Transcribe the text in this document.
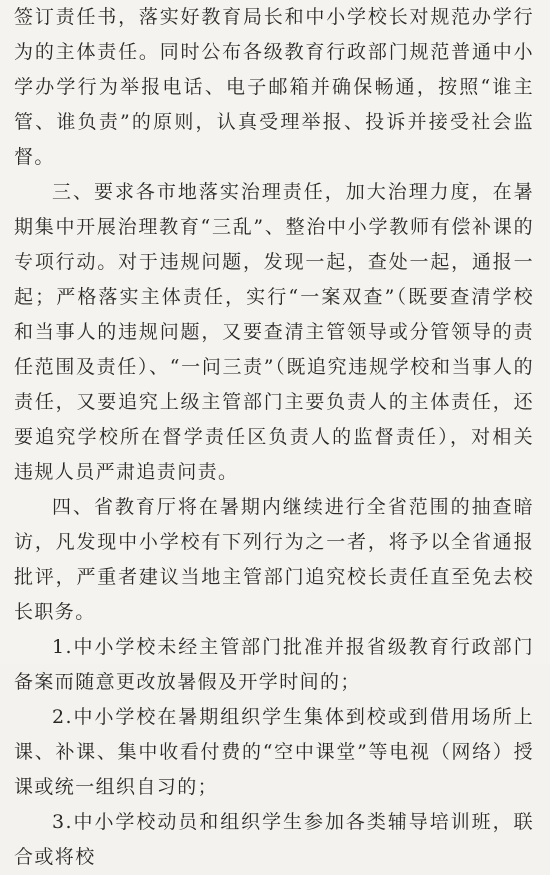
签订责任书，落实好教育局长和中小学校长对规范办学行为的主体责任。同时公布各级教育行政部门规范普通中小学办学行为举报电话、电子邮箱并确保畅通，按照“谁主管、谁负责”的原则，认真受理举报、投诉并接受社会监督。

三、要求各市地落实治理责任，加大治理力度，在暑期集中开展治理教育“三乱”、整治中小学教师有偿补课的专项行动。对于违规问题，发现一起，查处一起，通报一起；严格落实主体责任，实行“一案双查”（既要查清学校和当事人的违规问题，又要查清主管领导或分管领导的责任范围及责任）、“一问三责”（既追究违规学校和当事人的责任，又要追究上级主管部门主要负责人的主体责任，还要追究学校所在督学责任区负责人的监督责任），对相关违规人员严肃追责问责。

四、省教育厅将在暑期内继续进行全省范围的抽查暗访，凡发现中小学校有下列行为之一者，将予以全省通报批评，严重者建议当地主管部门追究校长责任直至免去校长职务。

1.中小学校未经主管部门批准并报省级教育行政部门备案而随意更改放暑假及开学时间的；

2.中小学校在暑期组织学生集体到校或到借用场所上课、补课、集中收看付费的“空中课堂”等电视（网络）授课或统一组织自习的；

3.中小学校动员和组织学生参加各类辅导培训班，联合或将校
